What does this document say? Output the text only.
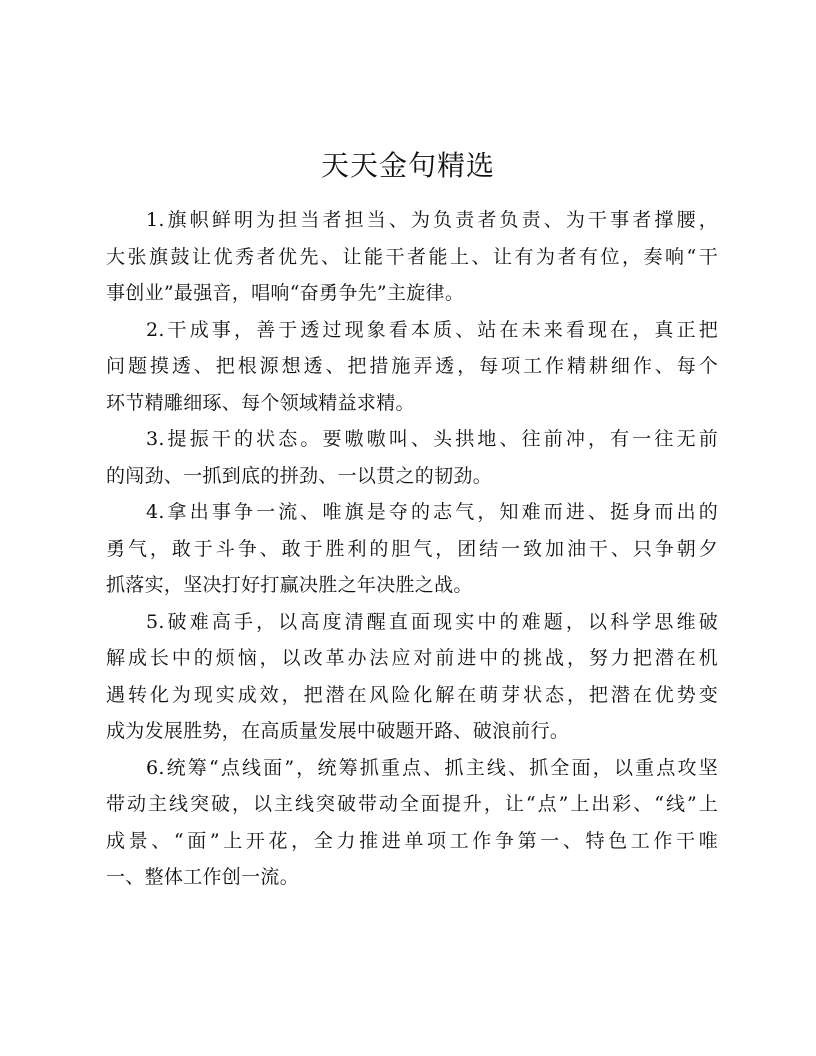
天天金句精选
1.旗帜鲜明为担当者担当、为负责者负责、为干事者撑腰，
大张旗鼓让优秀者优先、让能干者能上、让有为者有位，奏响“干
事创业”最强音，唱响“奋勇争先”主旋律。
2.干成事，善于透过现象看本质、站在未来看现在，真正把
问题摸透、把根源想透、把措施弄透，每项工作精耕细作、每个
环节精雕细琢、每个领域精益求精。
3.提振干的状态。要嗷嗷叫、头拱地、往前冲，有一往无前
的闯劲、一抓到底的拼劲、一以贯之的韧劲。
4.拿出事争一流、唯旗是夺的志气，知难而进、挺身而出的
勇气，敢于斗争、敢于胜利的胆气，团结一致加油干、只争朝夕
抓落实，坚决打好打赢决胜之年决胜之战。
5.破难高手，以高度清醒直面现实中的难题，以科学思维破
解成长中的烦恼，以改革办法应对前进中的挑战，努力把潜在机
遇转化为现实成效，把潜在风险化解在萌芽状态，把潜在优势变
成为发展胜势，在高质量发展中破题开路、破浪前行。
6.统筹“点线面”，统筹抓重点、抓主线、抓全面，以重点攻坚
带动主线突破，以主线突破带动全面提升，让“点”上出彩、“线”上
成景、“面”上开花，全力推进单项工作争第一、特色工作干唯
一、整体工作创一流。
